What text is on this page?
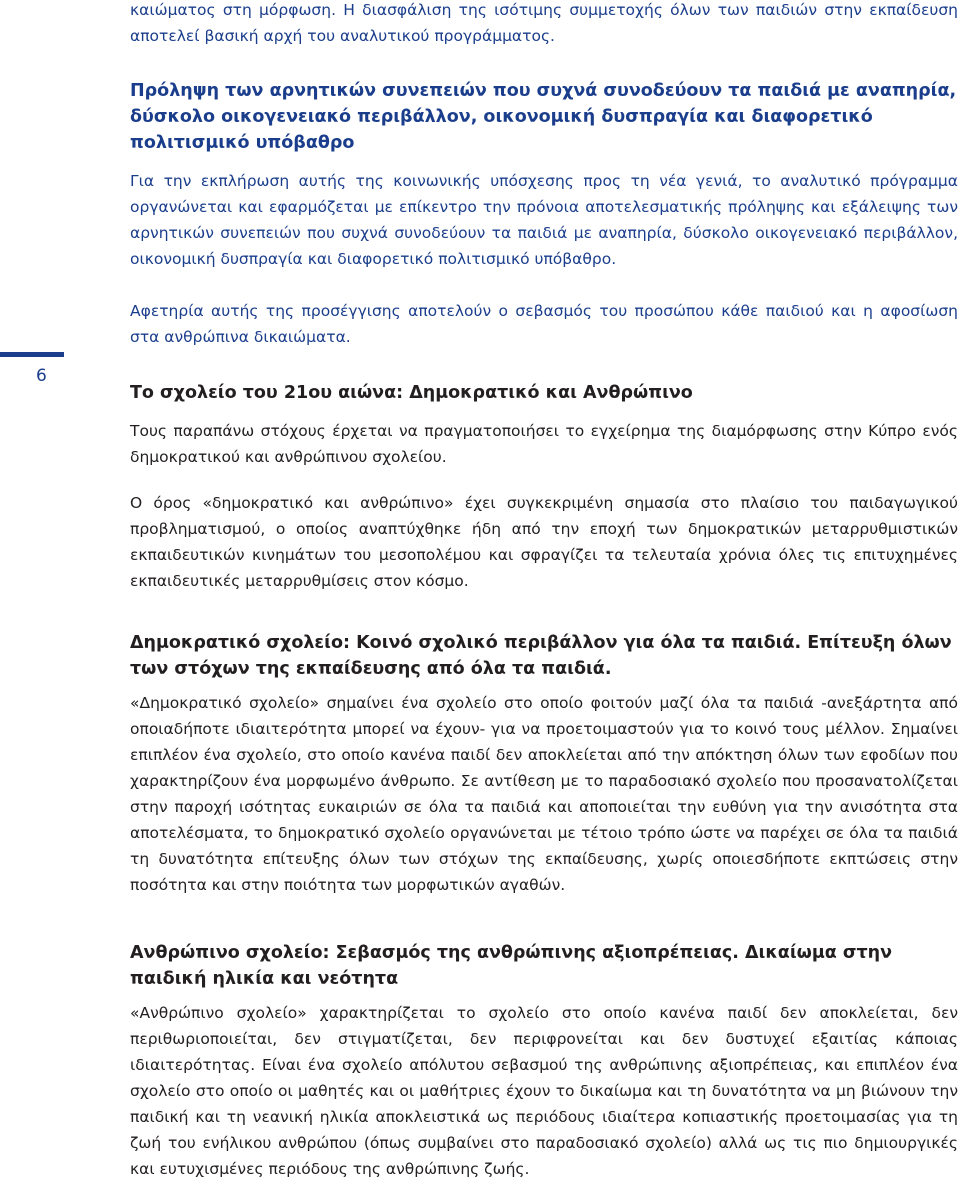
6

καιώματος στη μόρφωση. Η διασφάλιση της ισότιμης συμμετοχής όλων των παιδιών στην εκπαίδευση αποτελεί βασική αρχή του αναλυτικού προγράμματος.

Πρόληψη των αρνητικών συνεπειών που συχνά συνοδεύουν τα παιδιά με αναπηρία, δύσκολο οικογενειακό περιβάλλον, οικονομική δυσπραγία και διαφορετικό πολιτισμικό υπόβαθρο

Για την εκπλήρωση αυτής της κοινωνικής υπόσχεσης προς τη νέα γενιά, το αναλυτικό πρόγραμμα οργανώνεται και εφαρμόζεται με επίκεντρο την πρόνοια αποτελεσματικής πρόληψης και εξάλειψης των αρνητικών συνεπειών που συχνά συνοδεύουν τα παιδιά με αναπηρία, δύσκολο οικογενειακό περιβάλλον, οικονομική δυσπραγία και διαφορετικό πολιτισμικό υπόβαθρο.

Αφετηρία αυτής της προσέγγισης αποτελούν ο σεβασμός του προσώπου κάθε παιδιού και η αφοσίωση στα ανθρώπινα δικαιώματα.

Το σχολείο του 21ου αιώνα: Δημοκρατικό και Ανθρώπινο

Τους παραπάνω στόχους έρχεται να πραγματοποιήσει το εγχείρημα της διαμόρφωσης στην Κύπρο ενός δημοκρατικού και ανθρώπινου σχολείου.

Ο όρος «δημοκρατικό και ανθρώπινο» έχει συγκεκριμένη σημασία στο πλαίσιο του παιδαγωγικού προβληματισμού, ο οποίος αναπτύχθηκε ήδη από την εποχή των δημοκρατικών μεταρρυθμιστικών εκπαιδευτικών κινημάτων του μεσοπολέμου και σφραγίζει τα τελευταία χρόνια όλες τις επιτυχημένες εκπαιδευτικές μεταρρυθμίσεις στον κόσμο.

Δημοκρατικό σχολείο: Κοινό σχολικό περιβάλλον για όλα τα παιδιά. Επίτευξη όλων των στόχων της εκπαίδευσης από όλα τα παιδιά.

«Δημοκρατικό σχολείο» σημαίνει ένα σχολείο στο οποίο φοιτούν μαζί όλα τα παιδιά -ανεξάρτητα από οποιαδήποτε ιδιαιτερότητα μπορεί να έχουν- για να προετοιμαστούν για το κοινό τους μέλλον. Σημαίνει επιπλέον ένα σχολείο, στο οποίο κανένα παιδί δεν αποκλείεται από την απόκτηση όλων των εφοδίων που χαρακτηρίζουν ένα μορφωμένο άνθρωπο. Σε αντίθεση με το παραδοσιακό σχολείο που προσανατολίζεται στην παροχή ισότητας ευκαιριών σε όλα τα παιδιά και αποποιείται την ευθύνη για την ανισότητα στα αποτελέσματα, το δημοκρατικό σχολείο οργανώνεται με τέτοιο τρόπο ώστε να παρέχει σε όλα τα παιδιά τη δυνατότητα επίτευξης όλων των στόχων της εκπαίδευσης, χωρίς οποιεσδήποτε εκπτώσεις στην ποσότητα και στην ποιότητα των μορφωτικών αγαθών.

Ανθρώπινο σχολείο: Σεβασμός της ανθρώπινης αξιοπρέπειας. Δικαίωμα στην παιδική ηλικία και νεότητα

«Ανθρώπινο σχολείο» χαρακτηρίζεται το σχολείο στο οποίο κανένα παιδί δεν αποκλείεται, δεν περιθωριοποιείται, δεν στιγματίζεται, δεν περιφρονείται και δεν δυστυχεί εξαιτίας κάποιας ιδιαιτερότητας. Είναι ένα σχολείο απόλυτου σεβασμού της ανθρώπινης αξιοπρέπειας, και επιπλέον ένα σχολείο στο οποίο οι μαθητές και οι μαθήτριες έχουν το δικαίωμα και τη δυνατότητα να μη βιώνουν την παιδική και τη νεανική ηλικία αποκλειστικά ως περιόδους ιδιαίτερα κοπιαστικής προετοιμασίας για τη ζωή του ενήλικου ανθρώπου (όπως συμβαίνει στο παραδοσιακό σχολείο) αλλά ως τις πιο δημιουργικές και ευτυχισμένες περιόδους της ανθρώπινης ζωής.
